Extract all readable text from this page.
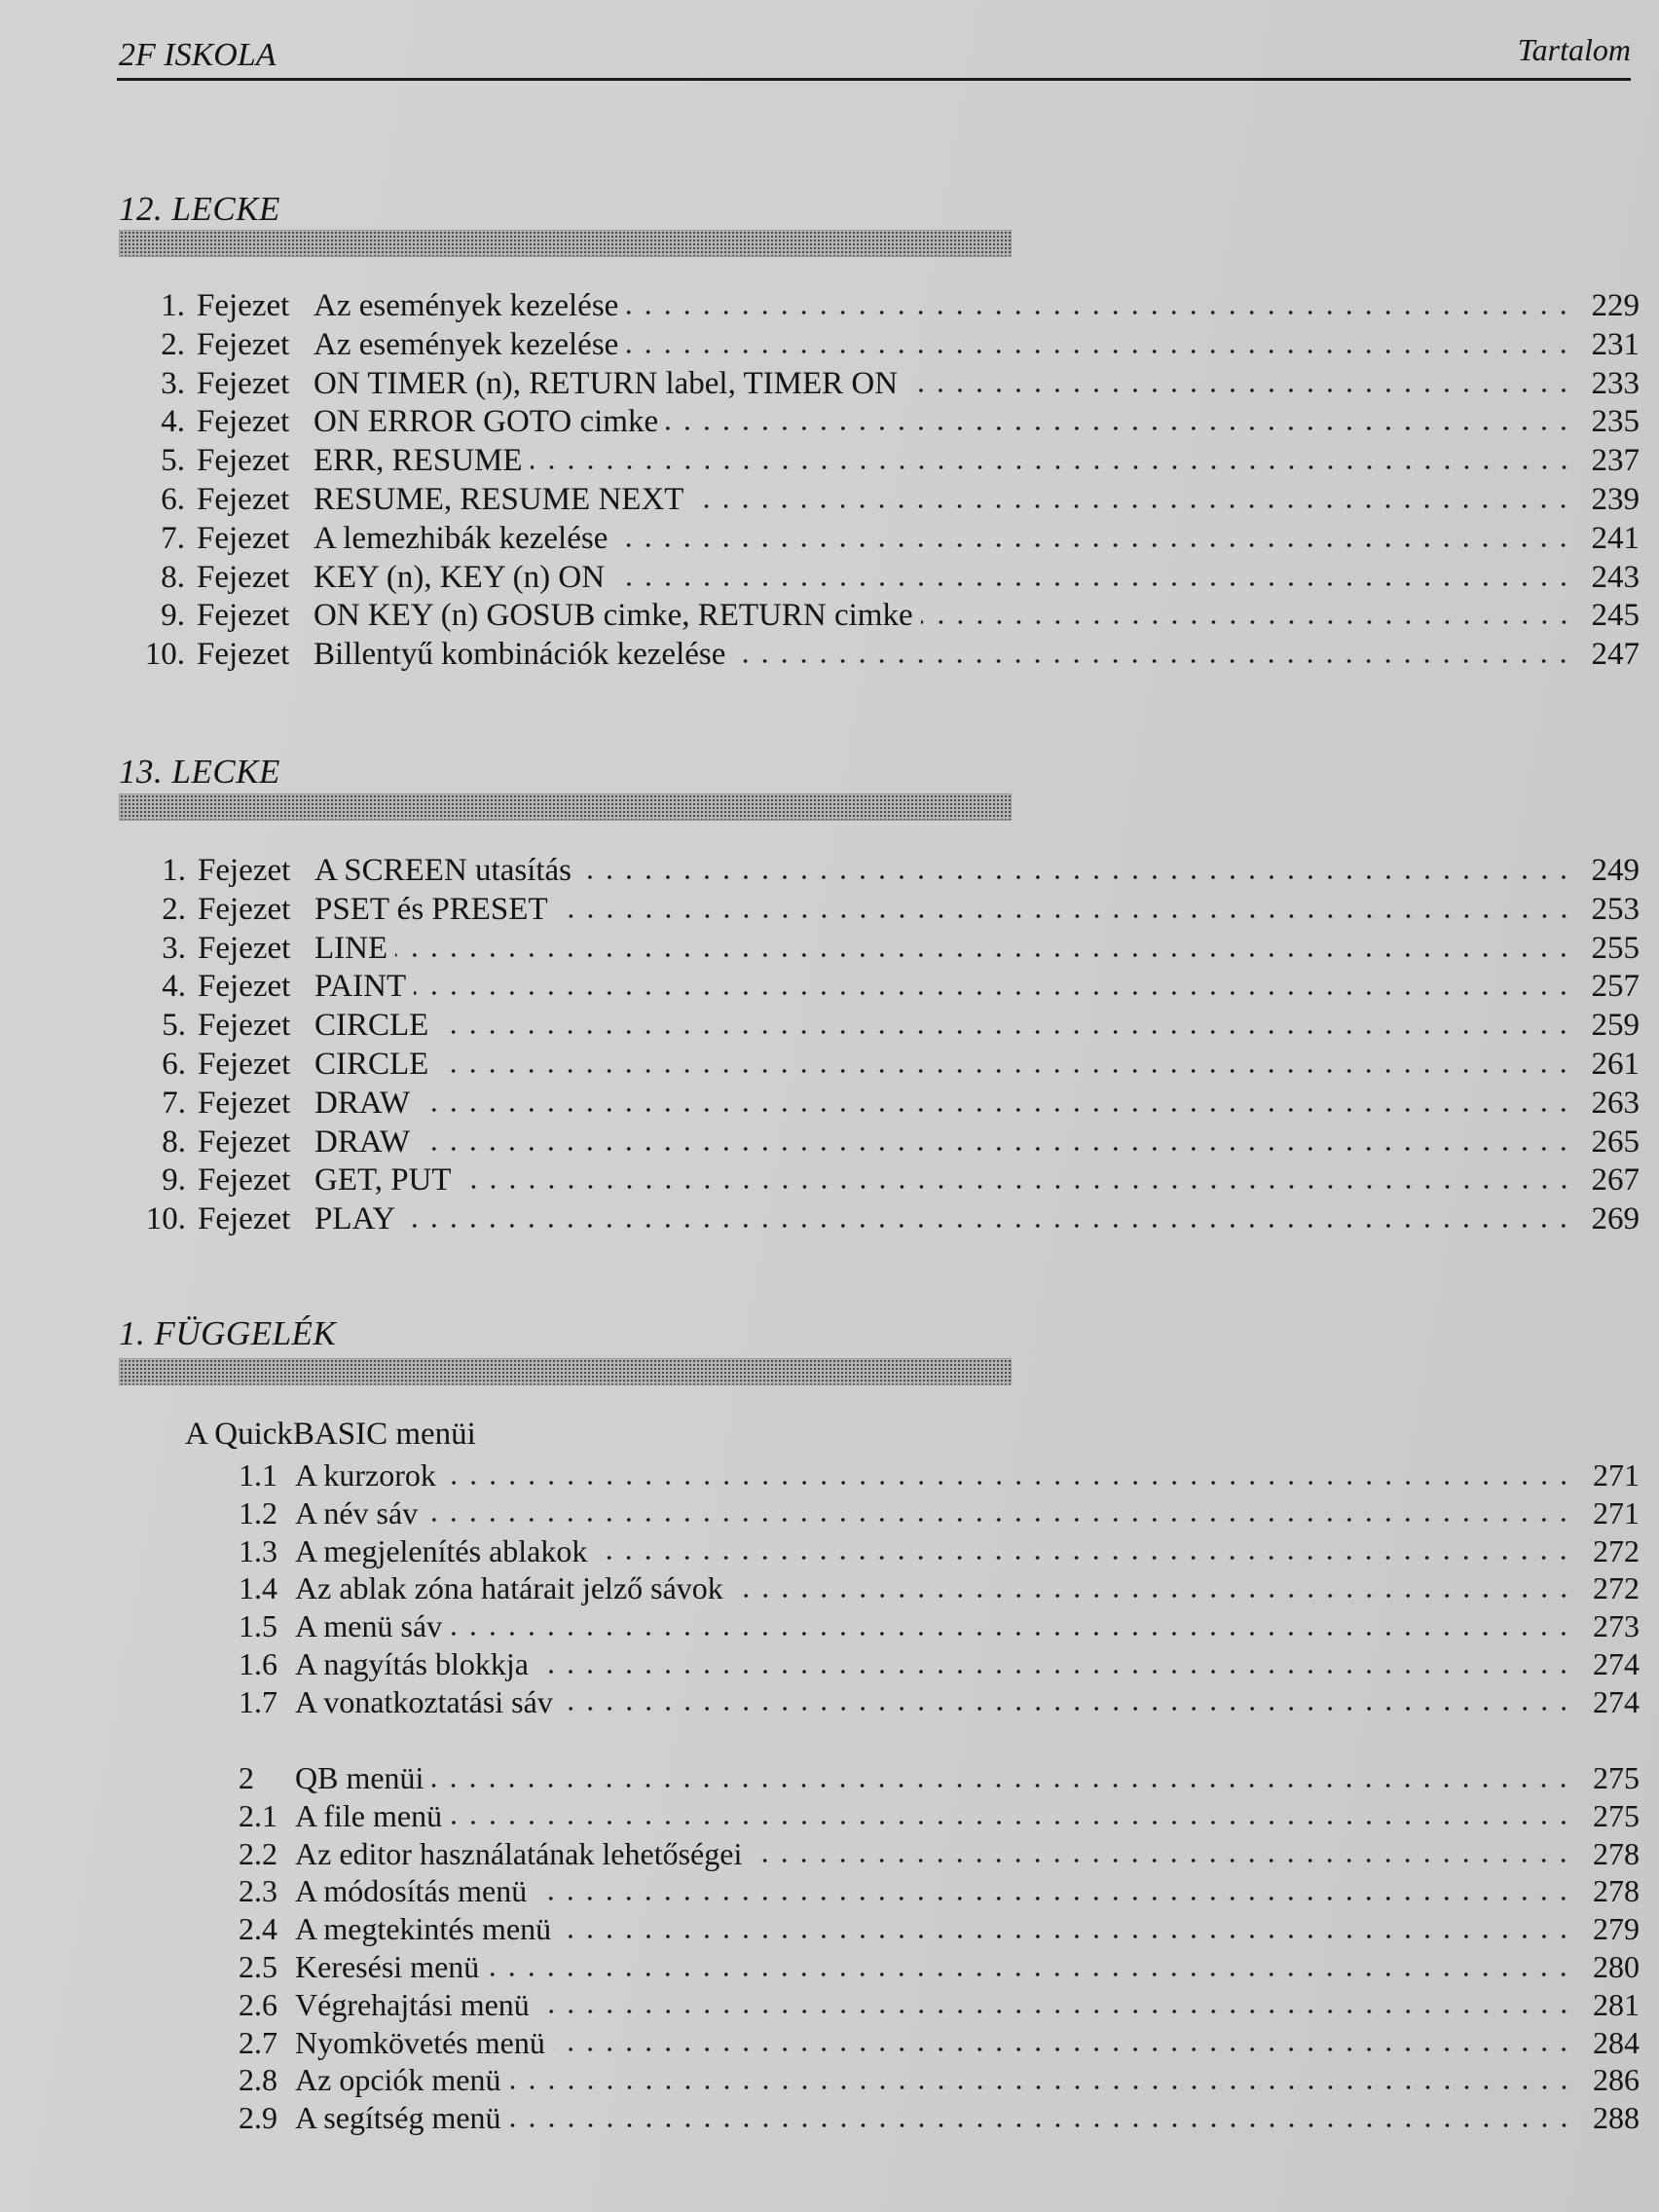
2F ISKOLA	Tartalom
12. LECKE
1. Fejezet Az események kezelése	229
2. Fejezet Az események kezelése	231
3. Fejezet ON TIMER (n), RETURN label, TIMER ON	233
4. Fejezet ON ERROR GOTO cimke	235
5. Fejezet ERR, RESUME	237
6. Fejezet RESUME, RESUME NEXT	239
7. Fejezet A lemezhibák kezelése	241
8. Fejezet KEY (n), KEY (n) ON	243
9. Fejezet ON KEY (n) GOSUB cimke, RETURN cimke	245
10. Fejezet Billentyű kombinációk kezelése	247
13. LECKE
1. Fejezet A SCREEN utasítás	249
2. Fejezet PSET és PRESET	253
3. Fejezet LINE	255
4. Fejezet PAINT	257
5. Fejezet CIRCLE	259
6. Fejezet CIRCLE	261
7. Fejezet DRAW	263
8. Fejezet DRAW	265
9. Fejezet GET, PUT	267
10. Fejezet PLAY	269
1. FÜGGELÉK
A QuickBASIC menüi
1.1 A kurzorok	271
1.2 A név sáv	271
1.3 A megjelenítés ablakok	272
1.4 Az ablak zóna határait jelző sávok	272
1.5 A menü sáv	273
1.6 A nagyítás blokkja	274
1.7 A vonatkoztatási sáv	274
2	QB menüi	275
2.1 A file menü	275
2.2 Az editor használatának lehetőségei	278
2.3 A módosítás menü	278
2.4 A megtekintés menü	279
2.5 Keresési menü	280
2.6 Végrehajtási menü	281
2.7 Nyomkövetés menü	284
2.8 Az opciók menü	286
2.9 A segítség menü	288
